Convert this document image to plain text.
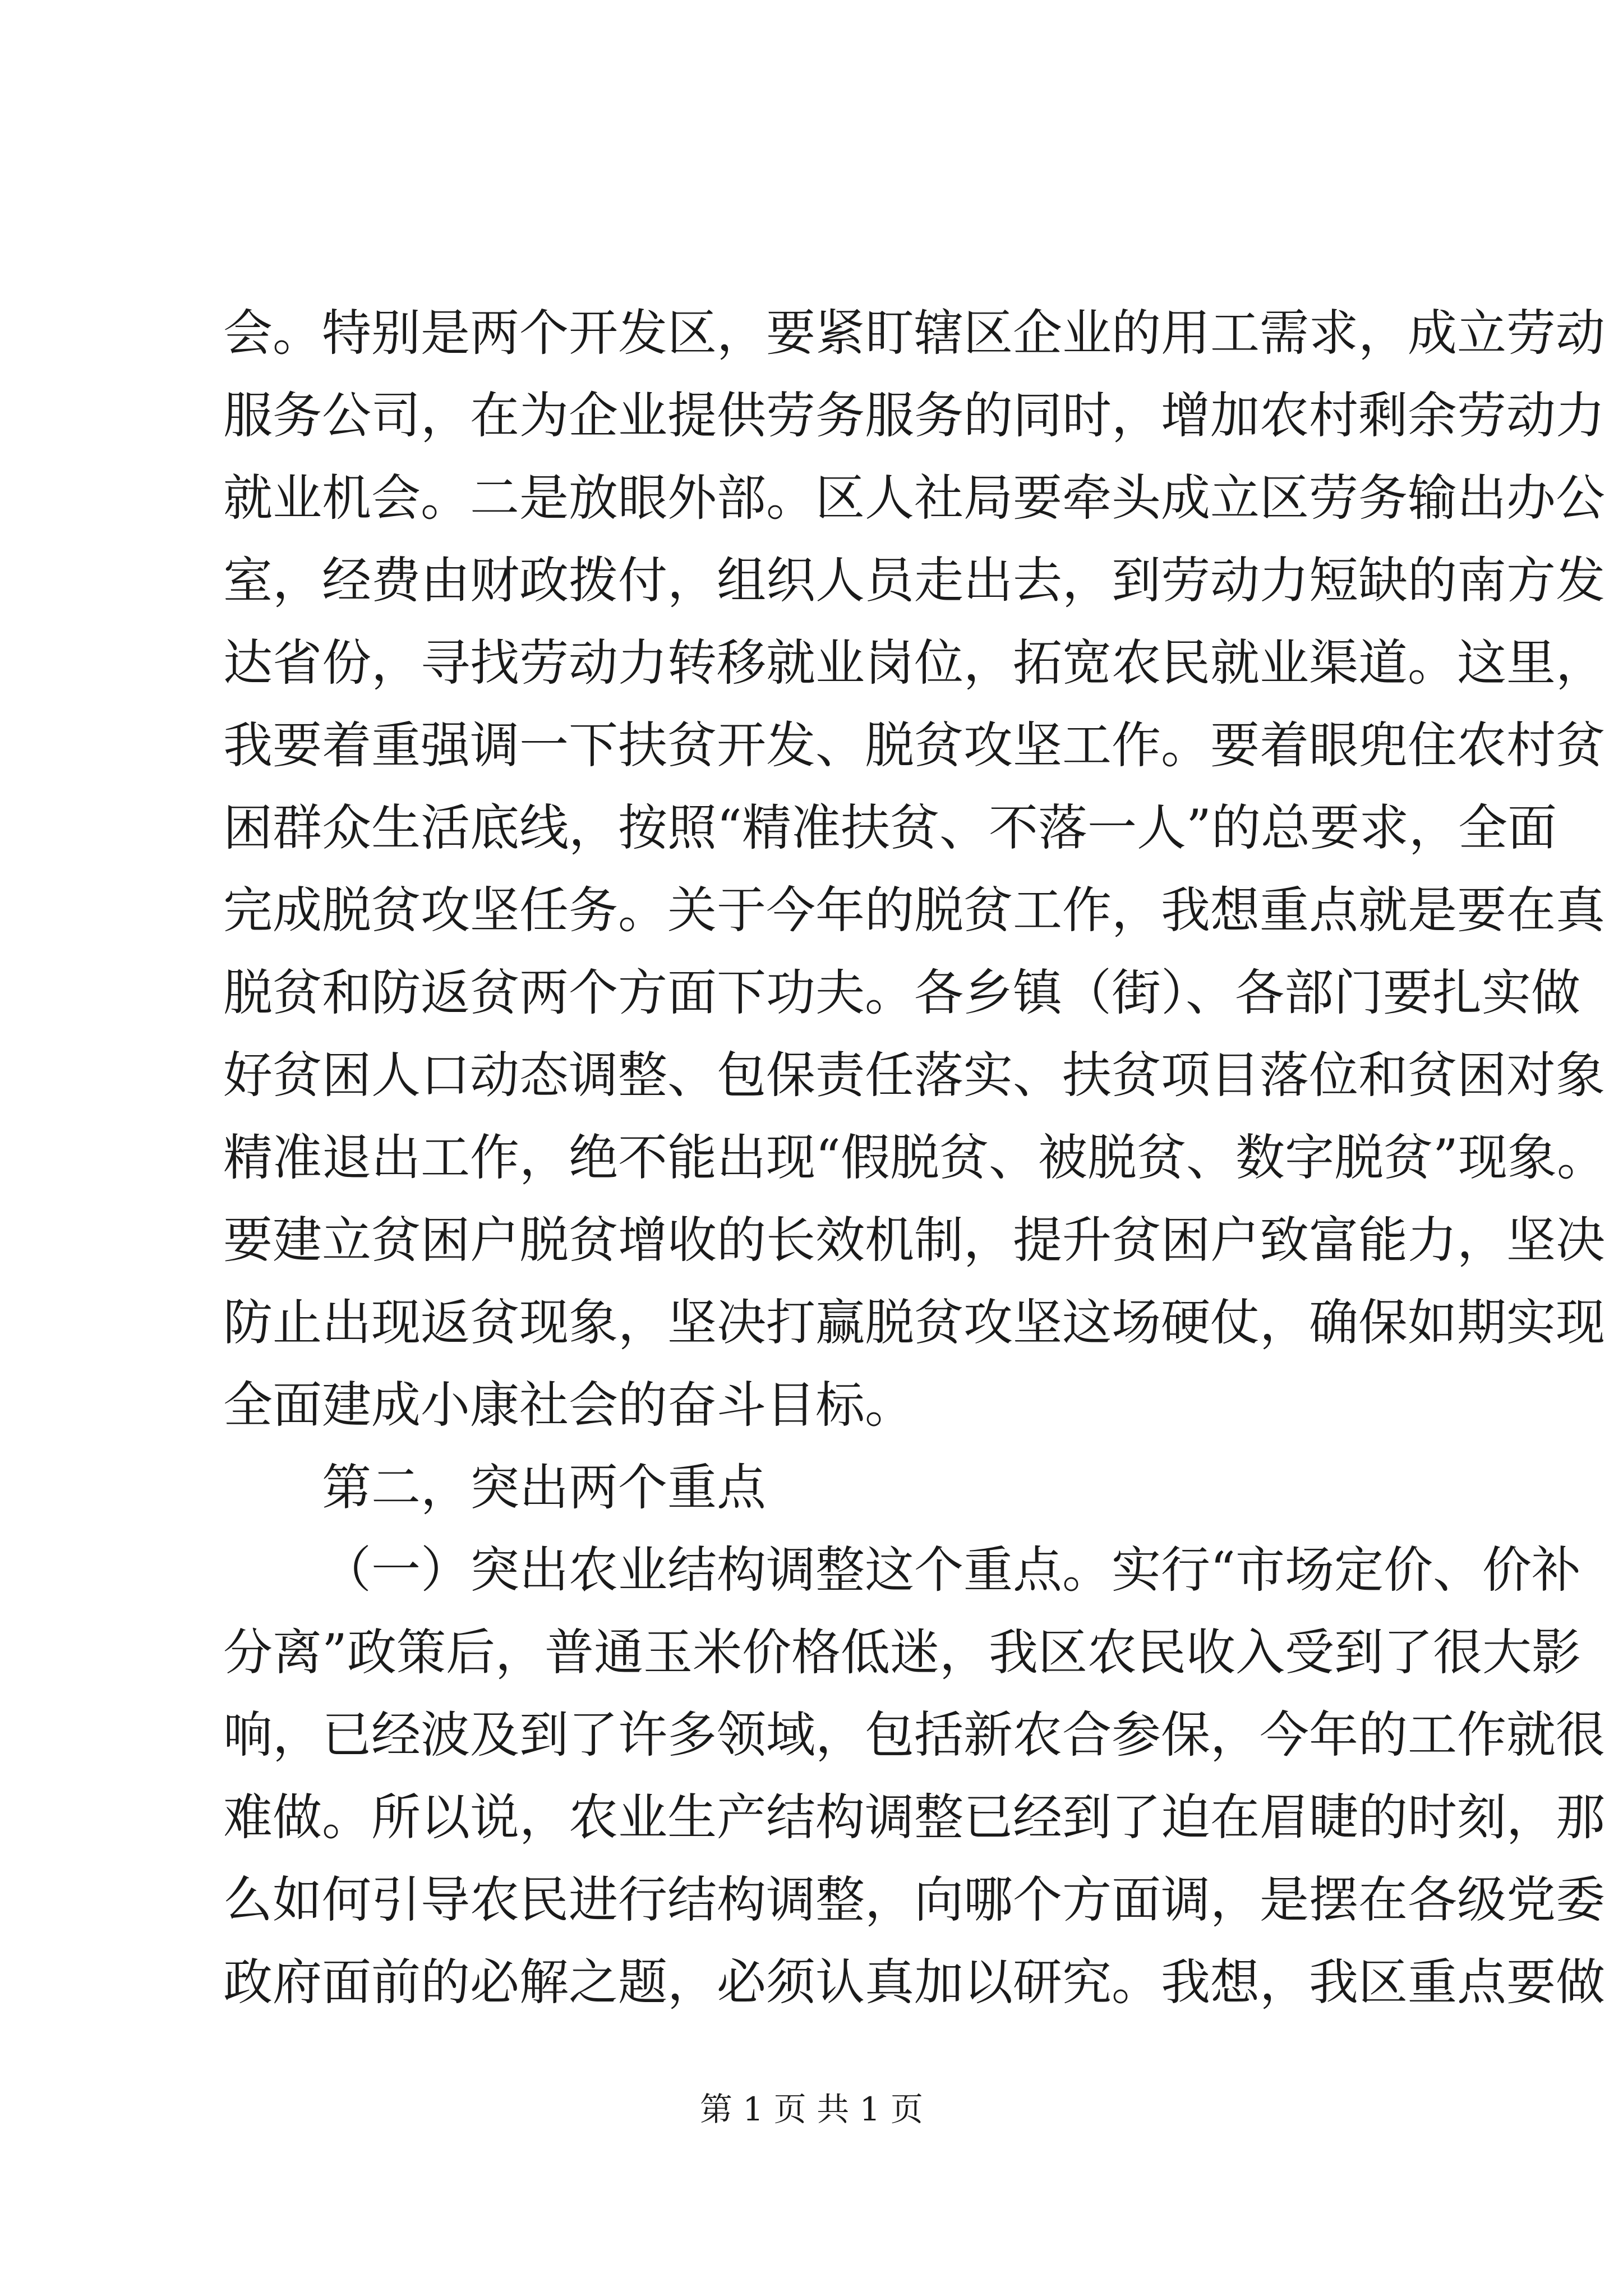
会。特别是两个开发区，要紧盯辖区企业的用工需求，成立劳动
服务公司，在为企业提供劳务服务的同时，增加农村剩余劳动力
就业机会。二是放眼外部。区人社局要牵头成立区劳务输出办公
室，经费由财政拨付，组织人员走出去，到劳动力短缺的南方发
达省份，寻找劳动力转移就业岗位，拓宽农民就业渠道。这里，
我要着重强调一下扶贫开发、脱贫攻坚工作。要着眼兜住农村贫
困群众生活底线，按照“精准扶贫、不落一人”的总要求，全面
完成脱贫攻坚任务。关于今年的脱贫工作，我想重点就是要在真
脱贫和防返贫两个方面下功夫。各乡镇（街）、各部门要扎实做
好贫困人口动态调整、包保责任落实、扶贫项目落位和贫困对象
精准退出工作，绝不能出现“假脱贫、被脱贫、数字脱贫”现象。
要建立贫困户脱贫增收的长效机制，提升贫困户致富能力，坚决
防止出现返贫现象，坚决打赢脱贫攻坚这场硬仗，确保如期实现
全面建成小康社会的奋斗目标。
第二，突出两个重点
（一）突出农业结构调整这个重点。实行“市场定价、价补
分离”政策后，普通玉米价格低迷，我区农民收入受到了很大影
响，已经波及到了许多领域，包括新农合参保，今年的工作就很
难做。所以说，农业生产结构调整已经到了迫在眉睫的时刻，那
么如何引导农民进行结构调整，向哪个方面调，是摆在各级党委
政府面前的必解之题，必须认真加以研究。我想，我区重点要做
第 1 页 共 1 页
